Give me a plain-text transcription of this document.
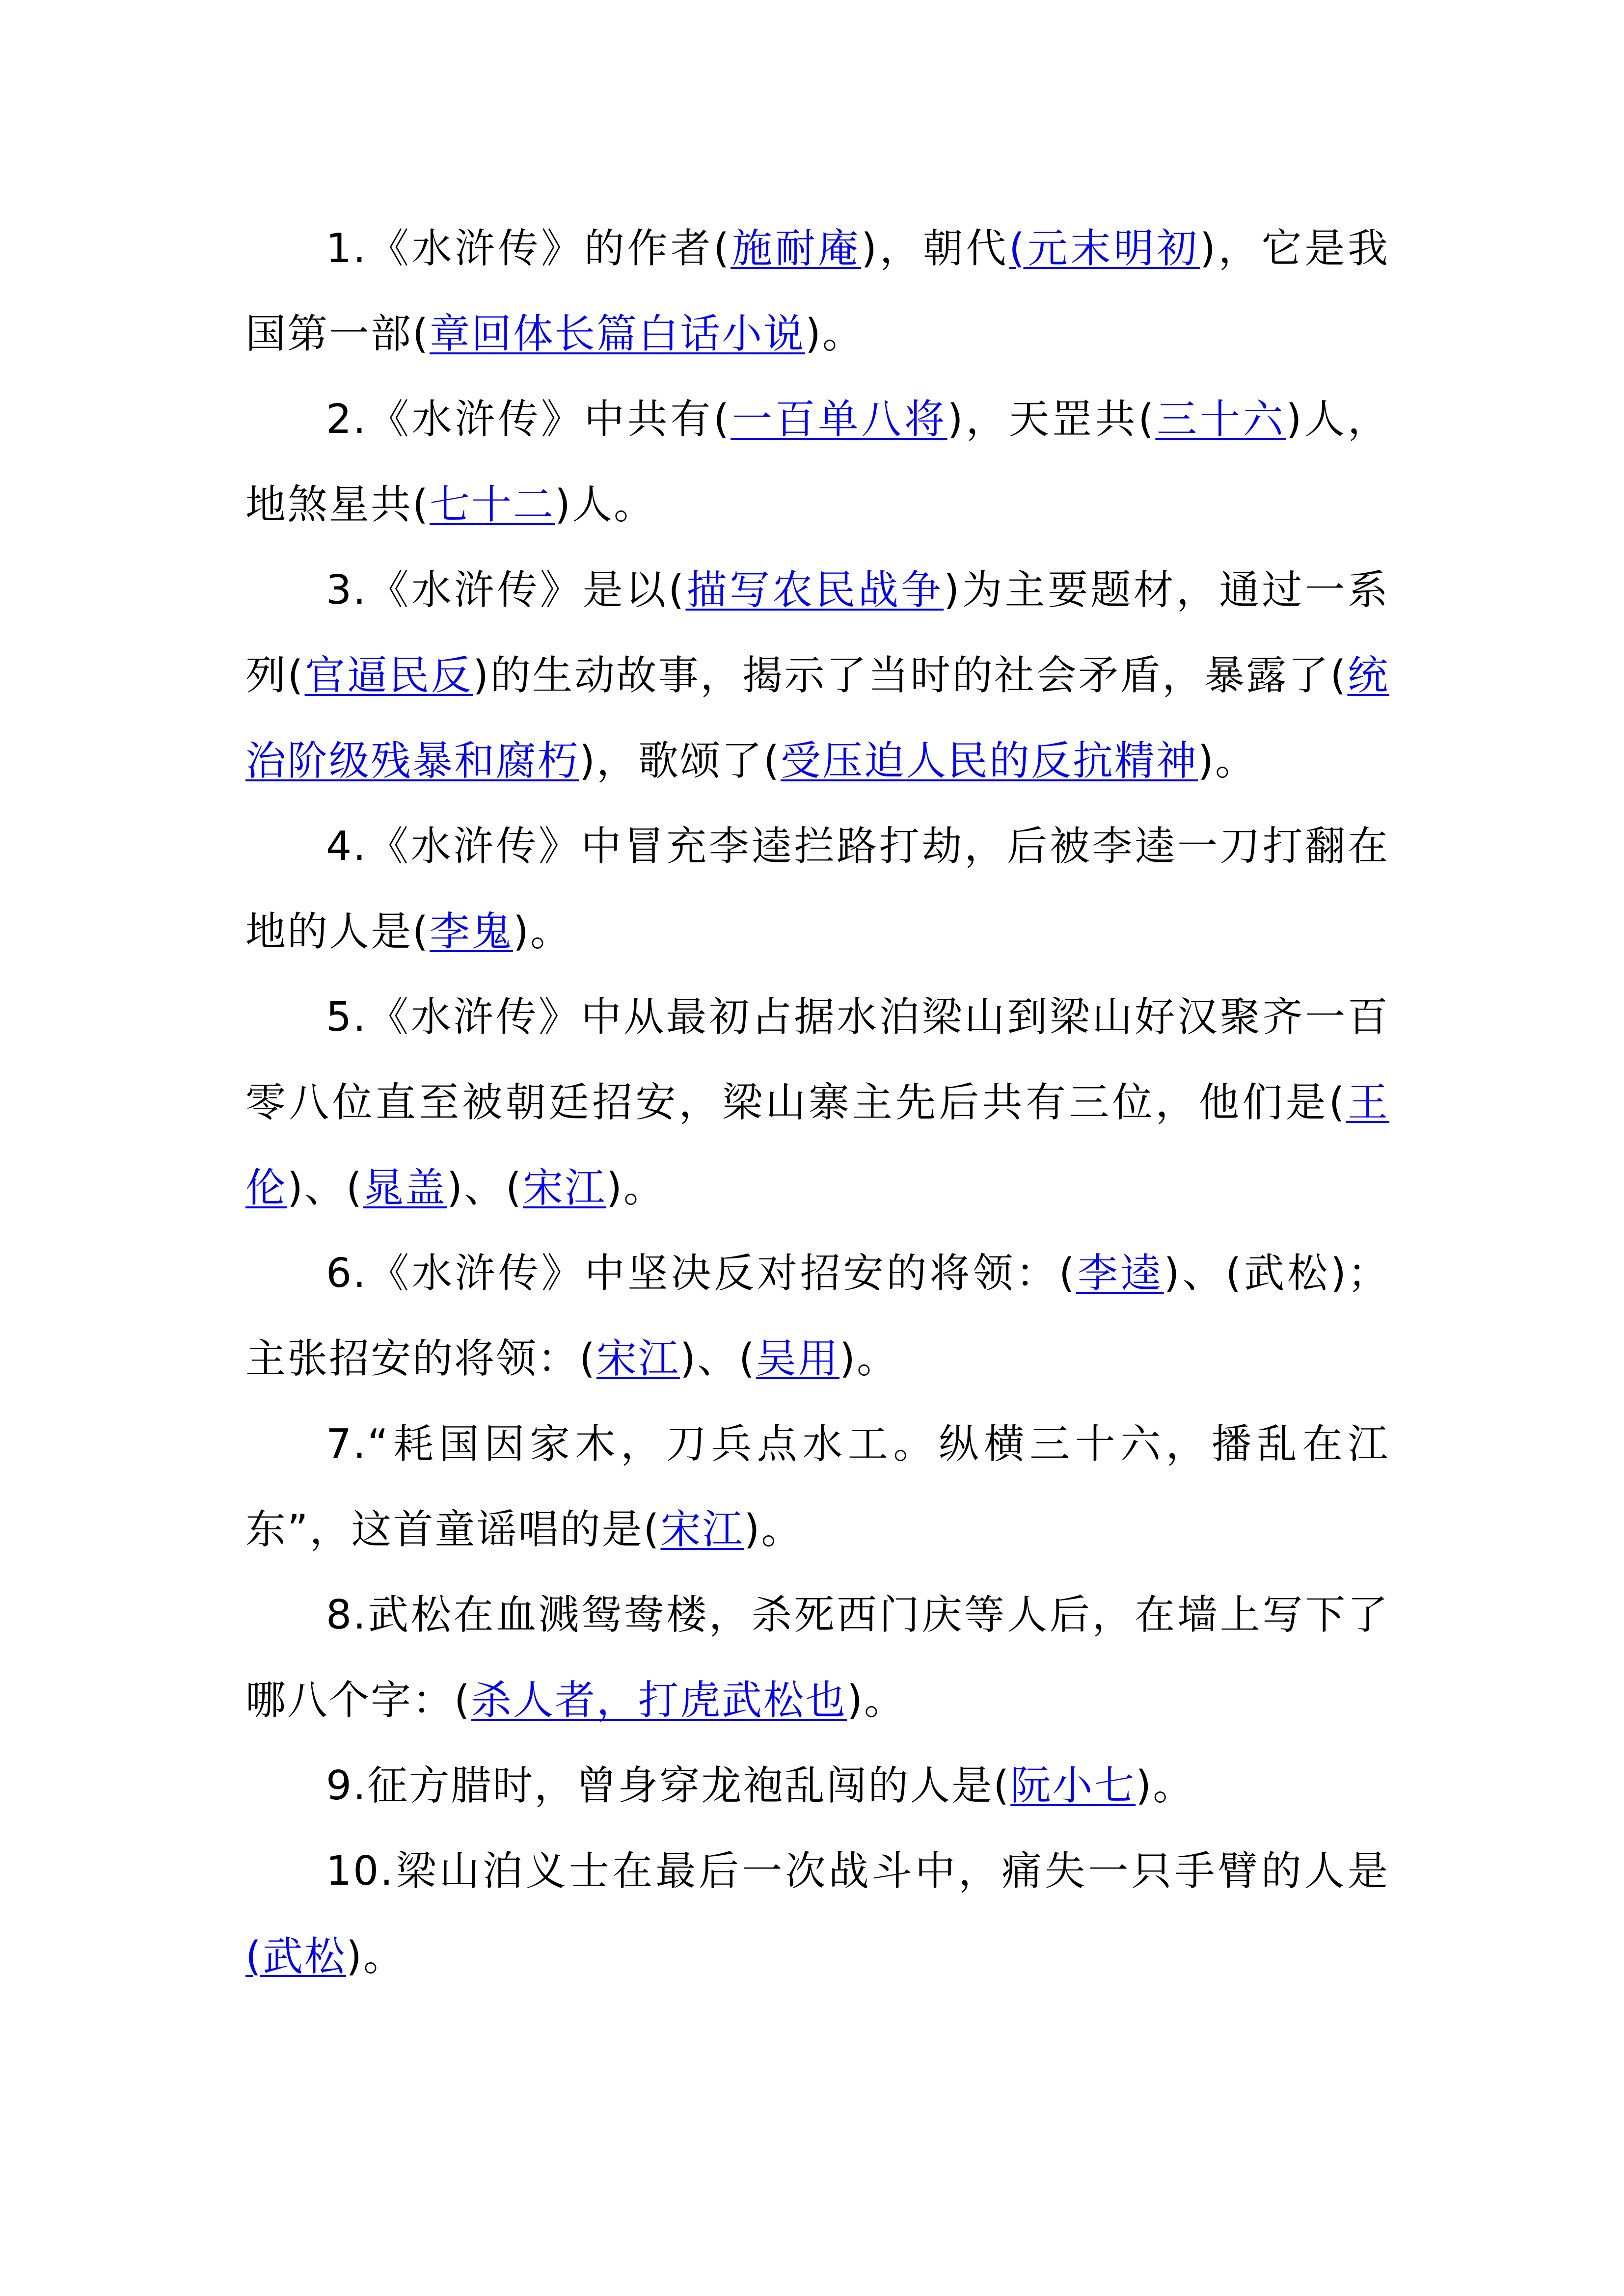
1.《水浒传》的作者(施耐庵)，朝代(元末明初)，它是我国第一部(章回体长篇白话小说)。

2.《水浒传》中共有(一百单八将)，天罡共(三十六)人，地煞星共(七十二)人。

3.《水浒传》是以(描写农民战争)为主要题材，通过一系列(官逼民反)的生动故事，揭示了当时的社会矛盾，暴露了(统治阶级残暴和腐朽)，歌颂了(受压迫人民的反抗精神)。

4.《水浒传》中冒充李逵拦路打劫，后被李逵一刀打翻在地的人是(李鬼)。

5.《水浒传》中从最初占据水泊梁山到梁山好汉聚齐一百零八位直至被朝廷招安，梁山寨主先后共有三位，他们是(王伦)、(晁盖)、(宋江)。

6.《水浒传》中坚决反对招安的将领：(李逵)、(武松)；主张招安的将领：(宋江)、(吴用)。

7.“耗国因家木，刀兵点水工。纵横三十六，播乱在江东”，这首童谣唱的是(宋江)。

8.武松在血溅鸳鸯楼，杀死西门庆等人后，在墙上写下了哪八个字：(杀人者，打虎武松也)。

9.征方腊时，曾身穿龙袍乱闯的人是(阮小七)。

10.梁山泊义士在最后一次战斗中，痛失一只手臂的人是(武松)。
